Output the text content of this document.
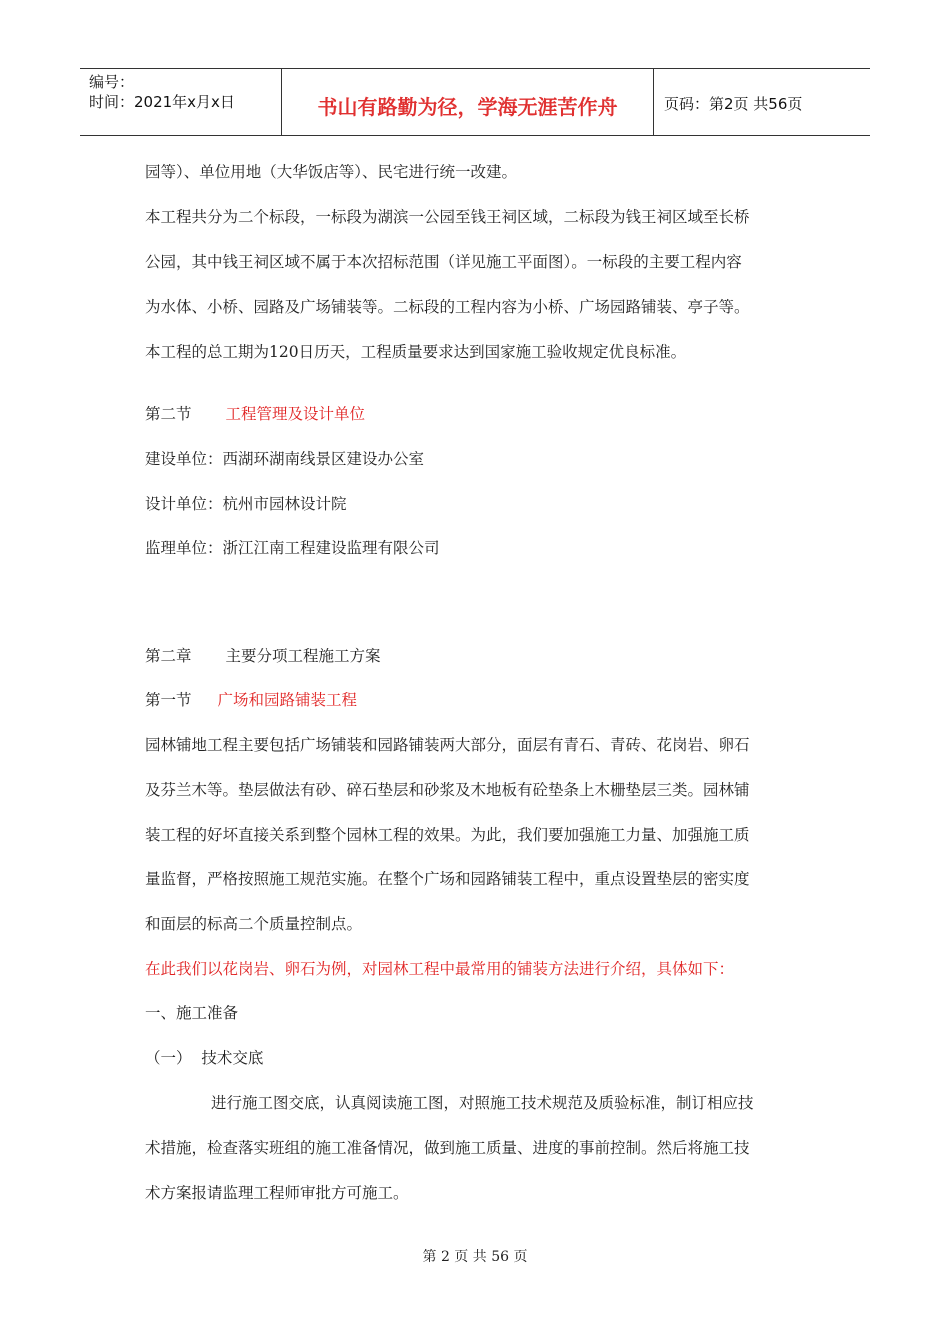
编号：
时间：2021年x月x日	书山有路勤为径，学海无涯苦作舟	页码：第2页 共56页
园等）、单位用地（大华饭店等）、民宅进行统一改建。
本工程共分为二个标段，一标段为湖滨一公园至钱王祠区域，二标段为钱王祠区域至长桥
公园，其中钱王祠区域不属于本次招标范围（详见施工平面图）。一标段的主要工程内容
为水体、小桥、园路及广场铺装等。二标段的工程内容为小桥、广场园路铺装、亭子等。
本工程的总工期为120日历天，工程质量要求达到国家施工验收规定优良标准。
第二节 工程管理及设计单位
建设单位：西湖环湖南线景区建设办公室
设计单位：杭州市园林设计院
监理单位：浙江江南工程建设监理有限公司
第二章 主要分项工程施工方案
第一节 广场和园路铺装工程
园林铺地工程主要包括广场铺装和园路铺装两大部分，面层有青石、青砖、花岗岩、卵石
及芬兰木等。垫层做法有砂、碎石垫层和砂浆及木地板有砼垫条上木栅垫层三类。园林铺
装工程的好坏直接关系到整个园林工程的效果。为此，我们要加强施工力量、加强施工质
量监督，严格按照施工规范实施。在整个广场和园路铺装工程中，重点设置垫层的密实度
和面层的标高二个质量控制点。
在此我们以花岗岩、卵石为例，对园林工程中最常用的铺装方法进行介绍，具体如下：
一、施工准备
（一） 技术交底
进行施工图交底，认真阅读施工图，对照施工技术规范及质验标准，制订相应技
术措施，检查落实班组的施工准备情况，做到施工质量、进度的事前控制。然后将施工技
术方案报请监理工程师审批方可施工。
第 2 页 共 56 页
